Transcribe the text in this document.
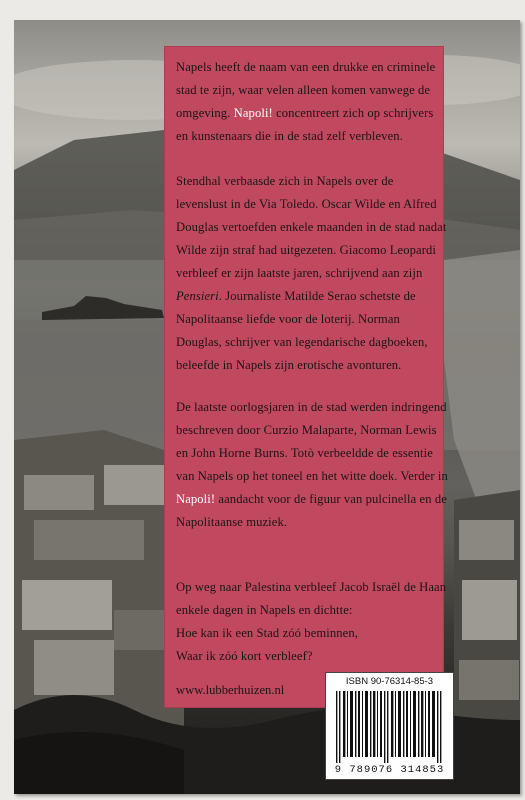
Napels heeft de naam van een drukke en criminele stad te zijn, waar velen alleen komen vanwege de omgeving. Napoli! concentreert zich op schrijvers en kunstenaars die in de stad zelf verbleven.

Stendhal verbaasde zich in Napels over de levenslust in de Via Toledo. Oscar Wilde en Alfred Douglas vertoefden enkele maanden in de stad nadat Wilde zijn straf had uitgezeten. Giacomo Leopardi verbleef er zijn laatste jaren, schrijvend aan zijn Pensieri. Journaliste Matilde Serao schetste de Napolitaanse liefde voor de loterij. Norman Douglas, schrijver van legendarische dagboeken, beleefde in Napels zijn erotische avonturen.

De laatste oorlogsjaren in de stad werden indringend beschreven door Curzio Malaparte, Norman Lewis en John Horne Burns. Totò verbeeldde de essentie van Napels op het toneel en het witte doek. Verder in Napoli! aandacht voor de figuur van pulcinella en de Napolitaanse muziek.

Op weg naar Palestina verbleef Jacob Israël de Haan enkele dagen in Napels en dichtte:
Hoe kan ik een Stad zóó beminnen,
Waar ik zóó kort verbleef?

www.lubberhuizen.nl
ISBN 90-76314-85-3
9 789076 314853
